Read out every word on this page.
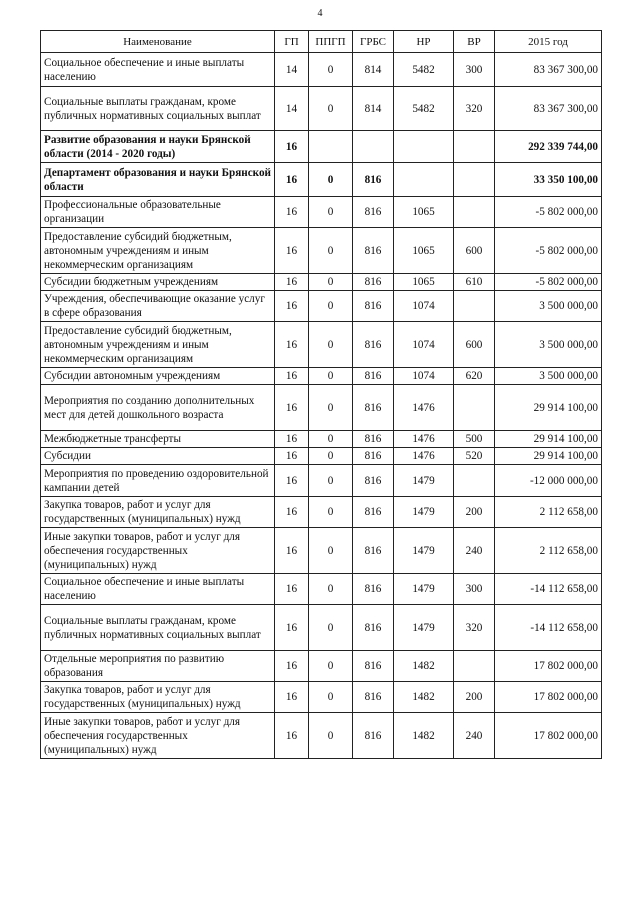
4
Наименование	ГП	ППГП	ГРБС	НР	ВР	2015 год
Социальное обеспечение и иные выплаты населению	14	0	814	5482	300	83 367 300,00
Социальные выплаты гражданам, кроме публичных нормативных социальных выплат	14	0	814	5482	320	83 367 300,00
Развитие образования и науки Брянской области (2014 - 2020 годы)	16					292 339 744,00
Департамент образования и науки Брянской области	16	0	816			33 350 100,00
Профессиональные образовательные организации	16	0	816	1065		-5 802 000,00
Предоставление субсидий бюджетным, автономным учреждениям и иным некоммерческим организациям	16	0	816	1065	600	-5 802 000,00
Субсидии бюджетным учреждениям	16	0	816	1065	610	-5 802 000,00
Учреждения, обеспечивающие оказание услуг в сфере образования	16	0	816	1074		3 500 000,00
Предоставление субсидий бюджетным, автономным учреждениям и иным некоммерческим организациям	16	0	816	1074	600	3 500 000,00
Субсидии автономным учреждениям	16	0	816	1074	620	3 500 000,00
Мероприятия по созданию дополнительных мест для детей дошкольного возраста	16	0	816	1476		29 914 100,00
Межбюджетные трансферты	16	0	816	1476	500	29 914 100,00
Субсидии	16	0	816	1476	520	29 914 100,00
Мероприятия по проведению оздоровительной кампании детей	16	0	816	1479		-12 000 000,00
Закупка товаров, работ и услуг для государственных (муниципальных) нужд	16	0	816	1479	200	2 112 658,00
Иные закупки товаров, работ и услуг для обеспечения государственных (муниципальных) нужд	16	0	816	1479	240	2 112 658,00
Социальное обеспечение и иные выплаты населению	16	0	816	1479	300	-14 112 658,00
Социальные выплаты гражданам, кроме публичных нормативных социальных выплат	16	0	816	1479	320	-14 112 658,00
Отдельные мероприятия по развитию образования	16	0	816	1482		17 802 000,00
Закупка товаров, работ и услуг для государственных (муниципальных) нужд	16	0	816	1482	200	17 802 000,00
Иные закупки товаров, работ и услуг для обеспечения государственных (муниципальных) нужд	16	0	816	1482	240	17 802 000,00
